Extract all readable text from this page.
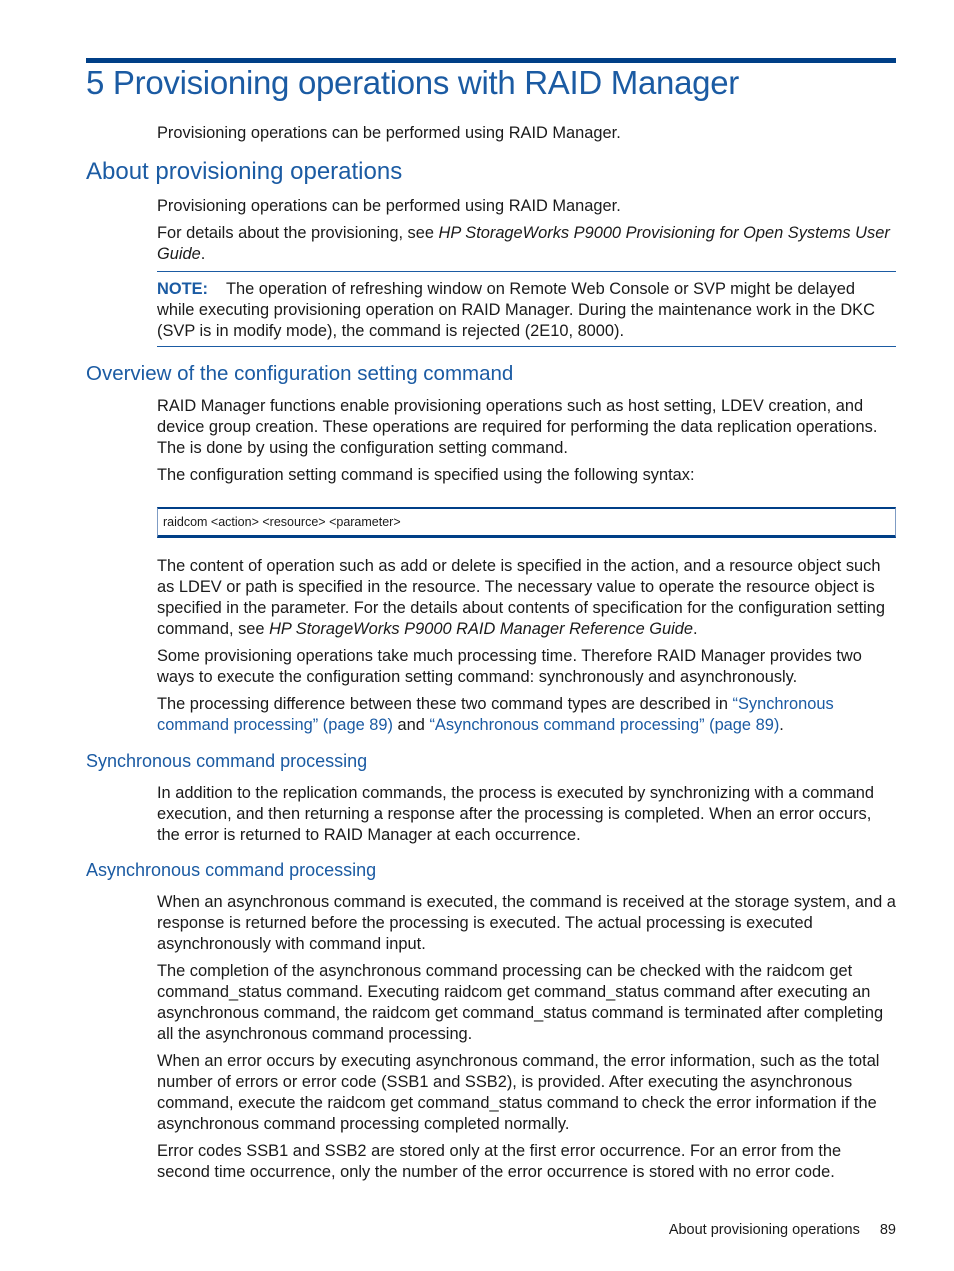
5 Provisioning operations with RAID Manager

Provisioning operations can be performed using RAID Manager.

About provisioning operations

Provisioning operations can be performed using RAID Manager.

For details about the provisioning, see HP StorageWorks P9000 Provisioning for Open Systems User Guide.

NOTE: The operation of refreshing window on Remote Web Console or SVP might be delayed while executing provisioning operation on RAID Manager. During the maintenance work in the DKC (SVP is in modify mode), the command is rejected (2E10, 8000).
Overview of the configuration setting command

RAID Manager functions enable provisioning operations such as host setting, LDEV creation, and device group creation. These operations are required for performing the data replication operations. The is done by using the configuration setting command.

The configuration setting command is specified using the following syntax:

raidcom <action> <resource> <parameter>

The content of operation such as add or delete is specified in the action, and a resource object such as LDEV or path is specified in the resource. The necessary value to operate the resource object is specified in the parameter. For the details about contents of specification for the configuration setting command, see HP StorageWorks P9000 RAID Manager Reference Guide.

Some provisioning operations take much processing time. Therefore RAID Manager provides two ways to execute the configuration setting command: synchronously and asynchronously.

The processing difference between these two command types are described in “Synchronous command processing” (page 89) and “Asynchronous command processing” (page 89).

Synchronous command processing

In addition to the replication commands, the process is executed by synchronizing with a command execution, and then returning a response after the processing is completed. When an error occurs, the error is returned to RAID Manager at each occurrence.

Asynchronous command processing

When an asynchronous command is executed, the command is received at the storage system, and a response is returned before the processing is executed. The actual processing is executed asynchronously with command input.

The completion of the asynchronous command processing can be checked with the raidcom get command_status command. Executing raidcom get command_status command after executing an asynchronous command, the raidcom get command_status command is terminated after completing all the asynchronous command processing.

When an error occurs by executing asynchronous command, the error information, such as the total number of errors or error code (SSB1 and SSB2), is provided. After executing the asynchronous command, execute the raidcom get command_status command to check the error information if the asynchronous command processing completed normally.

Error codes SSB1 and SSB2 are stored only at the first error occurrence. For an error from the second time occurrence, only the number of the error occurrence is stored with no error code.

About provisioning operations 89
